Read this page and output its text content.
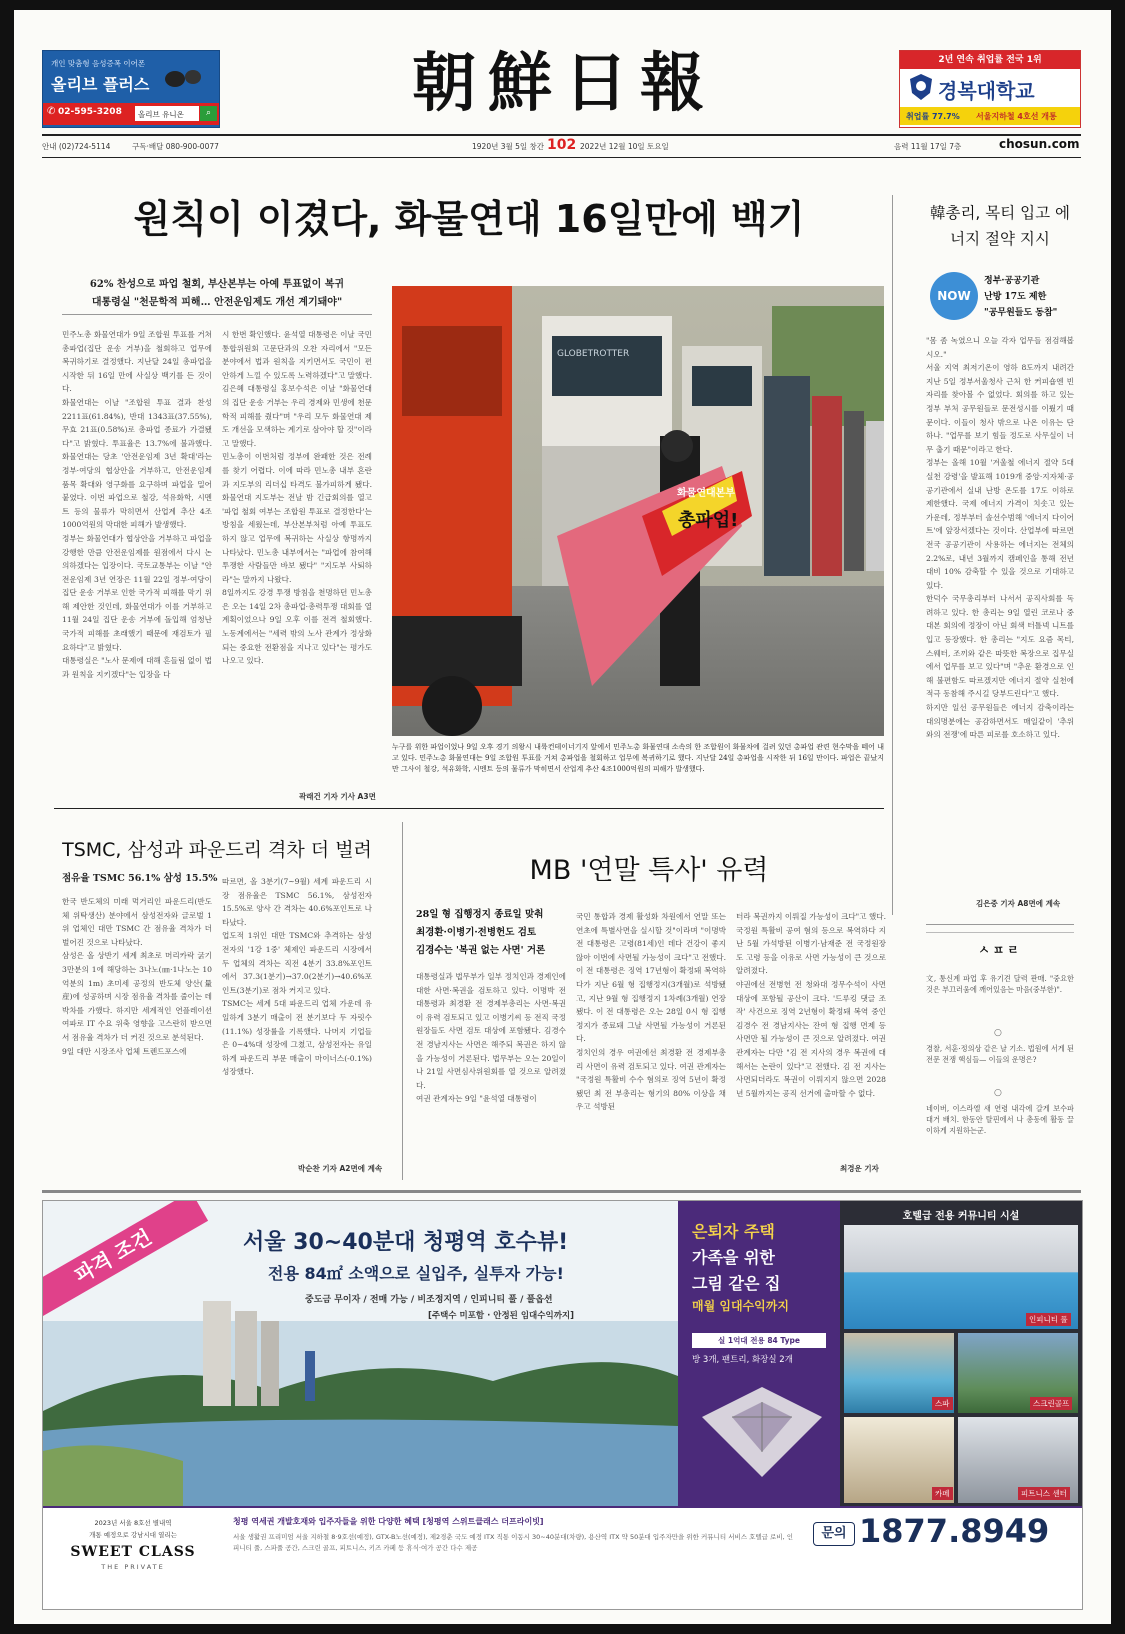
개인 맞춤형 음성증폭 이어폰
올리브 플러스
✆ 02-595-3208 올리브 유니온	⌕	朝鮮日報	2년 연속 취업률 전국 1위
경복대학교
취업률 77.7% 서울지하철 4호선 개통
안내 (02)724-5114	구독·배달 080-900-0077	1920년 3월 5일 창간 102 2022년 12월 10일 토요일	음력 11월 17일 7층	chosun.com
원칙이 이겼다, 화물연대 16일만에 백기
62% 찬성으로 파업 철회, 부산본부는 아예 투표없이 복귀
대통령실 "천문학적 피해… 안전운임제도 개선 계기돼야"
민주노총 화물연대가 9일 조합원 투표를 거쳐 총파업(집단 운송 거부)을 철회하고 업무에 복귀하기로 결정했다. 지난달 24일 총파업을 시작한 뒤 16일 만에 사실상 백기를 든 것이다.
화물연대는 이날 "조합원 투표 결과 찬성 2211표(61.84%), 반대 1343표(37.55%), 무효 21표(0.58%)로 총파업 종료가 가결됐다"고 밝혔다. 투표율은 13.7%에 불과했다. 화물연대는 당초 '안전운임제 3년 확대'라는 정부·여당의 협상안을 거부하고, 안전운임제 품목 확대와 영구화를 요구하며 파업을 밀어붙였다. 이번 파업으로 철강, 석유화학, 시멘트 등의 물류가 막히면서 산업계 추산 4조1000억원의 막대한 피해가 발생했다.
정부는 화물연대가 협상안을 거부하고 파업을 강행한 만큼 안전운임제를 원점에서 다시 논의하겠다는 입장이다. 국토교통부는 이날 "안전운임제 3년 연장은 11월 22일 정부·여당이 집단 운송 거부로 인한 국가적 피해를 막기 위해 제안한 것인데, 화물연대가 이를 거부하고 11월 24일 집단 운송 거부에 돌입해 엄청난 국가적 피해를 초래했기 때문에 재검토가 필요하다"고 밝혔다.
대통령실은 "노사 문제에 대해 흔들림 없이 법과 원칙을 지키겠다"는 입장을 다
시 한번 확인했다. 윤석열 대통령은 이날 국민통합위원회 고문단과의 오찬 자리에서 "모든 분야에서 법과 원칙을 지키면서도 국민이 편안하게 느낄 수 있도록 노력하겠다"고 말했다. 김은혜 대통령실 홍보수석은 이날 "화물연대의 집단 운송 거부는 우리 경제와 민생에 천문학적 피해를 줬다"며 "우리 모두 화물연대 제도 개선을 모색하는 계기로 삼아야 할 것"이라고 말했다.
민노총이 이번처럼 정부에 완패한 것은 전례를 찾기 어렵다. 이에 따라 민노총 내부 혼란과 지도부의 리더십 타격도 불가피하게 됐다. 화물연대 지도부는 전날 밤 긴급회의를 열고 '파업 철회 여부는 조합원 투표로 결정한다'는 방침을 세웠는데, 부산본부처럼 아예 투표도 하지 않고 업무에 복귀하는 사실상 항명까지 나타났다. 민노총 내부에서는 "파업에 참여해 투쟁한 사람들만 바보 됐다" "지도부 사퇴하라"는 말까지 나왔다.
8일까지도 강경 투쟁 방침을 천명하던 민노총은 오는 14일 2차 총파업·총력투쟁 대회를 열 계획이었으나 9일 오후 이를 전격 철회했다. 노동계에서는 "세력 밖의 노사 관계가 정상화되는 중요한 전환점을 지나고 있다"는 평가도 나오고 있다.
곽래건 기자 기사 A3면
GLOBETROTTER
화물연대본부
총파업!
누구를 위한 파업이었나 9일 오후 경기 의왕시 내륙컨테이너기지 앞에서 민주노총 화물연대 소속의 한 조합원이 화물차에 걸려 있던 총파업 관련 현수막을 떼어 내고 있다. 민주노총 화물연대는 9일 조합원 투표를 거쳐 총파업을 철회하고 업무에 복귀하기로 했다. 지난달 24일 총파업을 시작한 뒤 16일 만이다. 파업은 끝났지만 그사이 철강, 석유화학, 시멘트 등의 물류가 막히면서 산업계 추산 4조1000억원의 피해가 발생했다.
韓총리, 목티 입고 에너지 절약 지시
NOW
정부·공공기관
난방 17도 제한
"공무원들도 동참"
"몸 좀 녹였으니 오늘 각자 업무들 점검해봅시오."
서울 지역 최저기온이 영하 8도까지 내려간 지난 5일 정부서울청사 근처 한 커피숍엔 빈자리를 찾아볼 수 없었다. 회의를 하고 있는 정부 부처 공무원들로 문전성시를 이뤘기 때문이다. 이들이 청사 밖으로 나온 이유는 단 하나. "업무를 보기 힘들 정도로 사무실이 너무 춥기 때문"이라고 한다.
정부는 올해 10월 '겨울철 에너지 절약 5대 실천 강령'을 발표해 1019개 중앙·지자체·공공기관에서 실내 난방 온도를 17도 이하로 제한했다. 국제 에너지 가격이 치솟고 있는 가운데, 정부부터 솔선수범해 '에너지 다이어트'에 앞장서겠다는 것이다. 산업부에 따르면 전국 공공기관이 사용하는 에너지는 전체의 2.2%로, 내년 3월까지 캠페인을 통해 전년 대비 10% 감축할 수 있을 것으로 기대하고 있다.
한덕수 국무총리부터 나서서 공직사회를 독려하고 있다. 한 총리는 9일 열린 코로나 중대본 회의에 정장이 아닌 회색 터틀넥 니트를 입고 등장했다. 한 총리는 "지도 요즘 목티, 스웨터, 조끼와 같은 따뜻한 복장으로 집무실에서 업무를 보고 있다"며 "추운 환경으로 인해 불편함도 따르겠지만 에너지 절약 실천에 적극 동참해 주시길 당부드린다"고 했다.
하지만 일선 공무원들은 에너지 감축이라는 대의명분에는 공감하면서도 매일같이 '추위와의 전쟁'에 따른 피로를 호소하고 있다.
김은중 기자 A8면에 계속
ㅅㅍㄹ
文, 통신계 파업 후 유기견 달력 판매. "중요한 것은 부끄러움에 깨어있음는 마음(중부한)".
○
경찰, 서훈·정의상 같은 날 기소. 법원에 서게 된 전문 전쟁 핵심들— 이들의 운명은?
○
네이버, 이스라엘 새 연령 내각에 갈게 보수파 대거 배치. 한동안 탈핀에서 나 총동에 활동 끌이하게 지원하는군.
TSMC, 삼성과 파운드리 격차 더 벌려
점유율 TSMC 56.1% 삼성 15.5%
한국 반도체의 미래 먹거리인 파운드리(반도체 위탁생산) 분야에서 삼성전자와 글로벌 1위 업체인 대만 TSMC 간 점유율 격차가 더 벌어진 것으로 나타났다.
삼성은 올 상반기 세계 최초로 머리카락 굵기 3만분의 1에 해당하는 3나노(㎚·1나노는 10억분의 1m) 초미세 공정의 반도체 양산(量産)에 성공하며 시장 점유율 격차를 줄이는 데 박차를 가했다. 하지만 세계적인 연플레이션 여파로 IT 수요 위축 영향을 고스란히 받으면서 점유율 격차가 더 커진 것으로 분석된다.
9일 대만 시장조사 업체 트렌드포스에
따르면, 올 3분기(7~9월) 세계 파운드리 시장 점유율은 TSMC 56.1%, 삼성전자 15.5%로 양사 간 격차는 40.6%포인트로 나타났다.
업도적 1위인 대만 TSMC와 추격하는 삼성전자의 '1강 1중' 체제인 파운드리 시장에서 두 업체의 격차는 직전 4분기 33.8%포인트에서 37.3(1분기)→37.0(2분기)→40.6%포인트(3분기)로 점차 커지고 있다.
TSMC는 세계 5대 파운드리 업체 가운데 유일하게 3분기 매출이 전 분기보다 두 자릿수(11.1%) 성장률을 기록했다. 나머지 기업들은 0~4%대 성장에 그쳤고, 삼성전자는 유일하게 파운드리 부문 매출이 마이너스(-0.1%) 성장했다.
박순찬 기자 A2면에 계속
MB '연말 특사' 유력
28일 형 집행정지 종료일 맞춰
최경환·이병기·전병헌도 검토
김경수는 '복권 없는 사면' 거론
대통령실과 법무부가 일부 정치인과 경제인에 대한 사면·복권을 검토하고 있다. 이명박 전 대통령과 최경환 전 경제부총리는 사면·복권이 유력 검토되고 있고 이병기씨 등 전직 국정원장들도 사면 검토 대상에 포함됐다. 김경수 전 경남지사는 사면은 해주되 복권은 하지 않을 가능성이 거론된다. 법무부는 오는 20일이나 21일 사면심사위원회를 열 것으로 알려졌다.
여권 관계자는 9일 "윤석열 대통령이
국민 통합과 경제 활성화 차원에서 연말 또는 연초에 특별사면을 실시할 것"이라며 "이명박 전 대통령은 고령(81세)인 데다 건강이 좋지 않아 이번에 사면될 가능성이 크다"고 전했다. 이 전 대통령은 징역 17년형이 확정돼 복역하다가 지난 6월 형 집행정지(3개월)로 석방됐고, 지난 9월 형 집행정지 1차례(3개월) 연장됐다. 이 전 대통령은 오는 28일 0시 형 집행정지가 종료돼 그날 사면될 가능성이 거론된다.
정치인의 경우 여권에선 최경환 전 경제부총리 사면이 유력 검토되고 있다. 여권 관계자는 "국정원 특활비 수수 혐의로 징역 5년이 확정됐던 최 전 부총리는 형기의 80% 이상을 채우고 석방된
터라 복권까지 이뤄질 가능성이 크다"고 했다. 국정원 특활비 공여 혐의 등으로 복역하다 지난 5월 가석방된 이병기·남재준 전 국정원장도 고령 등을 이유로 사면 가능성이 큰 것으로 알려졌다.
야권에선 전병헌 전 청와대 정무수석이 사면 대상에 포함될 공산이 크다. '드루킹 댓글 조작' 사건으로 징역 2년형이 확정돼 복역 중인 김경수 전 경남지사는 잔여 형 집행 면제 등 사면만 될 가능성이 큰 것으로 알려졌다. 여권 관계자는 다만 "김 전 지사의 경우 복권에 대해서는 논란이 있다"고 전했다. 김 전 지사는 사면되더라도 복권이 이뤄지지 않으면 2028년 5월까지는 공직 선거에 출마할 수 없다.
최경운 기자
파격 조건	서울 30~40분대 청평역 호수뷰!
전용 84㎡ 소액으로 실입주, 실투자 가능!
중도금 무이자 / 전매 가능 / 비조정지역 / 인피니티 풀 / 풀옵션
[주택수 미포함 · 안정된 임대수익까지]
은퇴자 주택
가족을 위한
그림 같은 집
매월 임대수익까지
실 1억대 전용 84 Type
방 3개, 팬트리, 화장실 2개
호텔급 전용 커뮤니티 시설
인피니티 풀
스파	스크린골프
카페	피트니스 센터
2023년 서울 8호선 별내역
개통 예정으로 강남시대 열리는
SWEET CLASS
THE PRIVATE
청평 역세권 개발호재와 입주자들을 위한 다양한 혜택 [청평역 스위트클래스 더프라이빗]
서울 생활권 프리미엄 서울 지하철 8·9호선(예정), GTX-B노선(예정), 제2경춘 국도 예정 ITX 직통 이동시 30~40분대(차량), 용산역 ITX 약 50분대 입주자만을 위한 커뮤니티 서비스 호텔급 로비, 인피니티 풀, 스파풀 공간, 스크린 골프, 피트니스, 키즈 카페 등 휴식·여가 공간 다수 제공
문의 1877.8949
